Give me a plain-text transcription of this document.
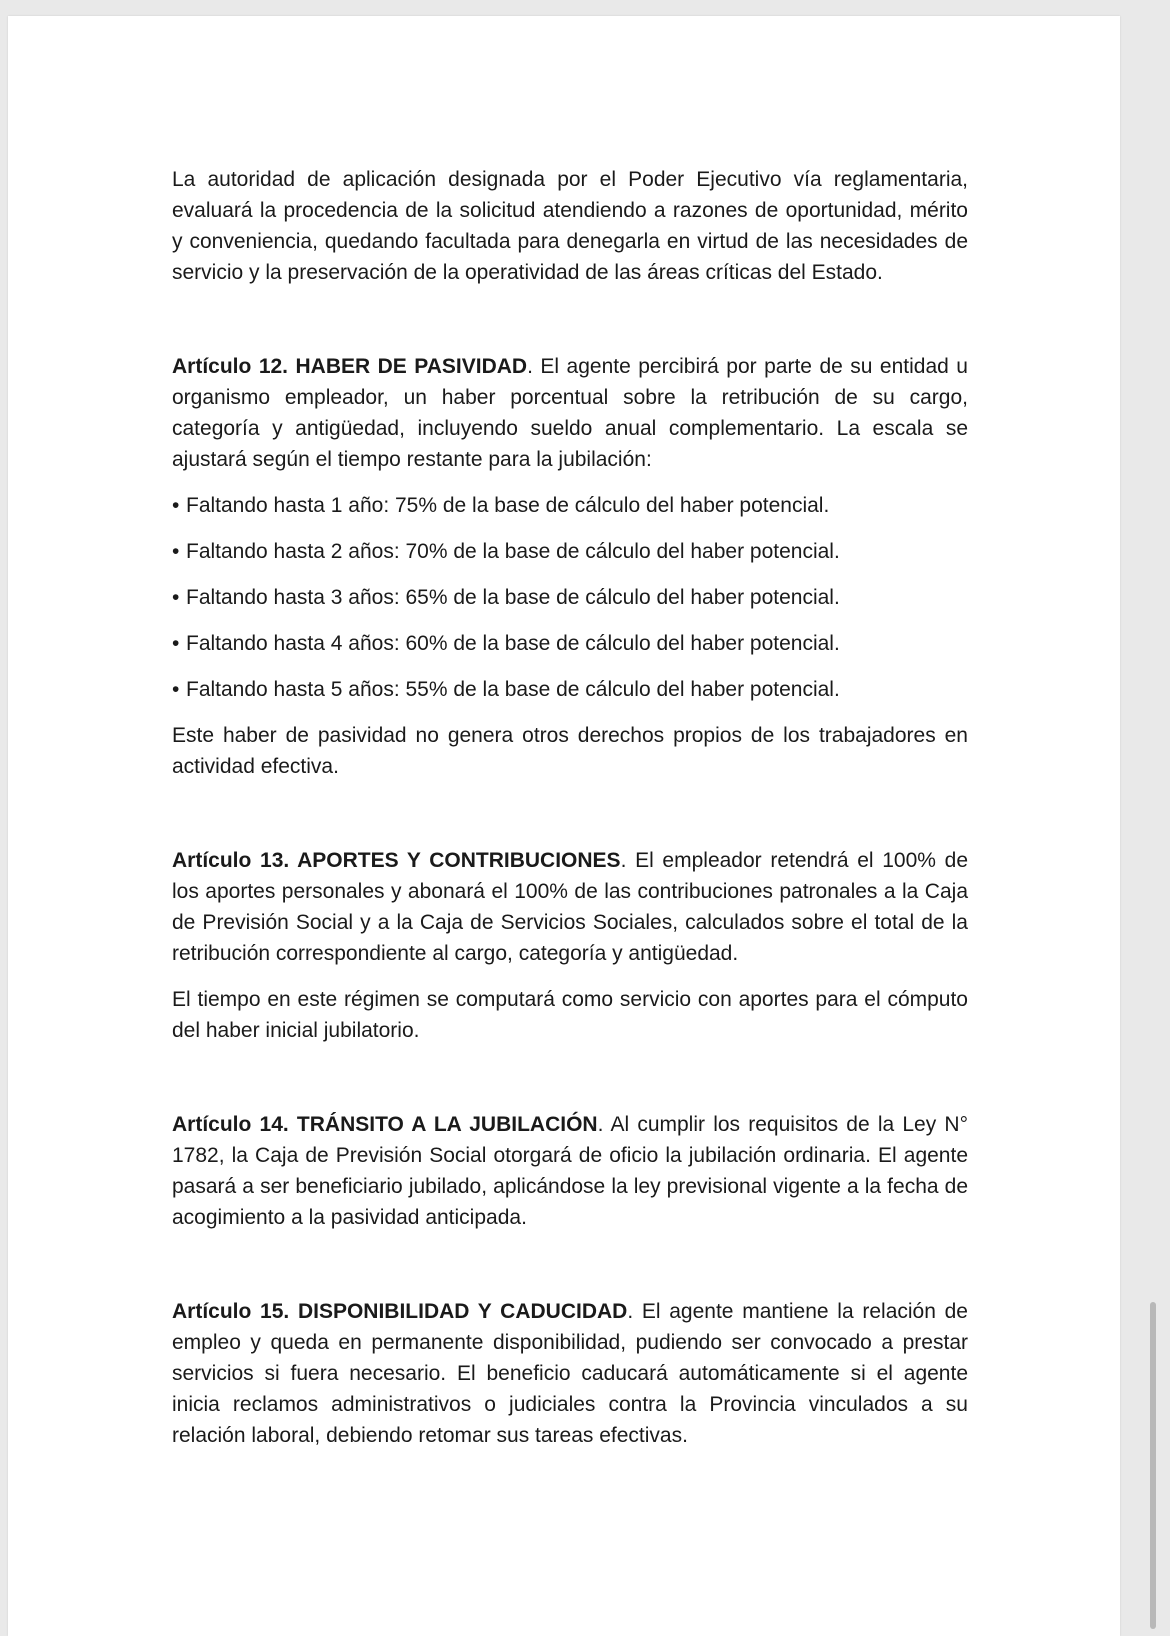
La autoridad de aplicación designada por el Poder Ejecutivo vía reglamentaria, evaluará la procedencia de la solicitud atendiendo a razones de oportunidad, mérito y conveniencia, quedando facultada para denegarla en virtud de las necesidades de servicio y la preservación de la operatividad de las áreas críticas del Estado.

Artículo 12. HABER DE PASIVIDAD. El agente percibirá por parte de su entidad u organismo empleador, un haber porcentual sobre la retribución de su cargo, categoría y antigüedad, incluyendo sueldo anual complementario. La escala se ajustará según el tiempo restante para la jubilación:

• Faltando hasta 1 año: 75% de la base de cálculo del haber potencial.
• Faltando hasta 2 años: 70% de la base de cálculo del haber potencial.
• Faltando hasta 3 años: 65% de la base de cálculo del haber potencial.
• Faltando hasta 4 años: 60% de la base de cálculo del haber potencial.
• Faltando hasta 5 años: 55% de la base de cálculo del haber potencial.

Este haber de pasividad no genera otros derechos propios de los trabajadores en actividad efectiva.

Artículo 13. APORTES Y CONTRIBUCIONES. El empleador retendrá el 100% de los aportes personales y abonará el 100% de las contribuciones patronales a la Caja de Previsión Social y a la Caja de Servicios Sociales, calculados sobre el total de la retribución correspondiente al cargo, categoría y antigüedad.

El tiempo en este régimen se computará como servicio con aportes para el cómputo del haber inicial jubilatorio.

Artículo 14. TRÁNSITO A LA JUBILACIÓN. Al cumplir los requisitos de la Ley N° 1782, la Caja de Previsión Social otorgará de oficio la jubilación ordinaria. El agente pasará a ser beneficiario jubilado, aplicándose la ley previsional vigente a la fecha de acogimiento a la pasividad anticipada.

Artículo 15. DISPONIBILIDAD Y CADUCIDAD. El agente mantiene la relación de empleo y queda en permanente disponibilidad, pudiendo ser convocado a prestar servicios si fuera necesario. El beneficio caducará automáticamente si el agente inicia reclamos administrativos o judiciales contra la Provincia vinculados a su relación laboral, debiendo retomar sus tareas efectivas.
